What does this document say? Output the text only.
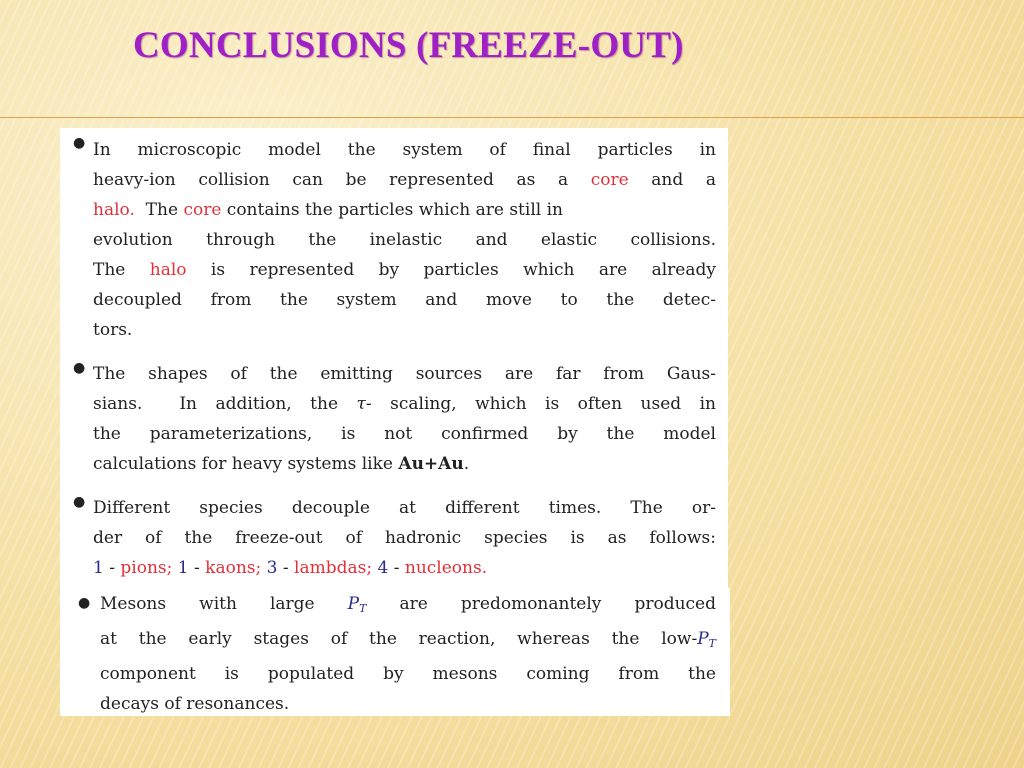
CONCLUSIONS (FREEZE-OUT)
● In microscopic model the system of final particles in
heavy-ion collision can be represented as a core and a
halo.  The core contains the particles which are still in
evolution through the inelastic and elastic collisions.
The halo is represented by particles which are already
decoupled from the system and move to the detec-
tors.
● The shapes of the emitting sources are far from Gaus-
sians.  In addition, the τ- scaling, which is often used in
the parameterizations, is not confirmed by the model
calculations for heavy systems like Au+Au.
● Different species decouple at different times. The or-
der of the freeze-out of hadronic species is as follows:
1 - pions; 1 - kaons; 3 - lambdas; 4 - nucleons.
● Mesons with large $P_T$ are predomonantely produced
at the early stages of the reaction, whereas the low-$P_T$
component is populated by mesons coming from the
decays of resonances.
